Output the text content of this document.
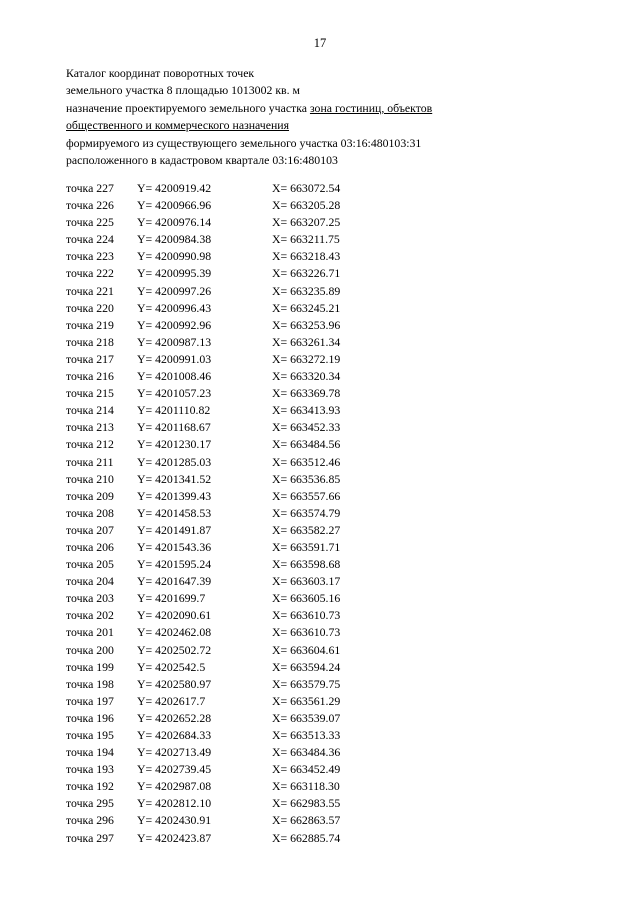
17
Каталог координат поворотных точек
земельного участка 8 площадью 1013002 кв. м
назначение проектируемого земельного участка зона гостиниц, объектов
общественного и коммерческого назначения
формируемого из существующего земельного участка 03:16:480103:31
расположенного в кадастровом квартале 03:16:480103
точка 227 Y= 4200919.42	X= 663072.54
точка 226 Y= 4200966.96	X= 663205.28
точка 225 Y= 4200976.14	X= 663207.25
точка 224 Y= 4200984.38	X= 663211.75
точка 223 Y= 4200990.98	X= 663218.43
точка 222 Y= 4200995.39	X= 663226.71
точка 221 Y= 4200997.26	X= 663235.89
точка 220 Y= 4200996.43	X= 663245.21
точка 219 Y= 4200992.96	X= 663253.96
точка 218 Y= 4200987.13	X= 663261.34
точка 217 Y= 4200991.03	X= 663272.19
точка 216 Y= 4201008.46	X= 663320.34
точка 215 Y= 4201057.23	X= 663369.78
точка 214 Y= 4201110.82	X= 663413.93
точка 213 Y= 4201168.67	X= 663452.33
точка 212 Y= 4201230.17	X= 663484.56
точка 211 Y= 4201285.03	X= 663512.46
точка 210 Y= 4201341.52	X= 663536.85
точка 209 Y= 4201399.43	X= 663557.66
точка 208 Y= 4201458.53	X= 663574.79
точка 207 Y= 4201491.87	X= 663582.27
точка 206 Y= 4201543.36	X= 663591.71
точка 205 Y= 4201595.24	X= 663598.68
точка 204 Y= 4201647.39	X= 663603.17
точка 203 Y= 4201699.7	X= 663605.16
точка 202 Y= 4202090.61	X= 663610.73
точка 201 Y= 4202462.08	X= 663610.73
точка 200 Y= 4202502.72	X= 663604.61
точка 199 Y= 4202542.5	X= 663594.24
точка 198 Y= 4202580.97	X= 663579.75
точка 197 Y= 4202617.7	X= 663561.29
точка 196 Y= 4202652.28	X= 663539.07
точка 195 Y= 4202684.33	X= 663513.33
точка 194 Y= 4202713.49	X= 663484.36
точка 193 Y= 4202739.45	X= 663452.49
точка 192 Y= 4202987.08	X= 663118.30
точка 295 Y= 4202812.10	X= 662983.55
точка 296 Y= 4202430.91	X= 662863.57
точка 297 Y= 4202423.87	X= 662885.74
